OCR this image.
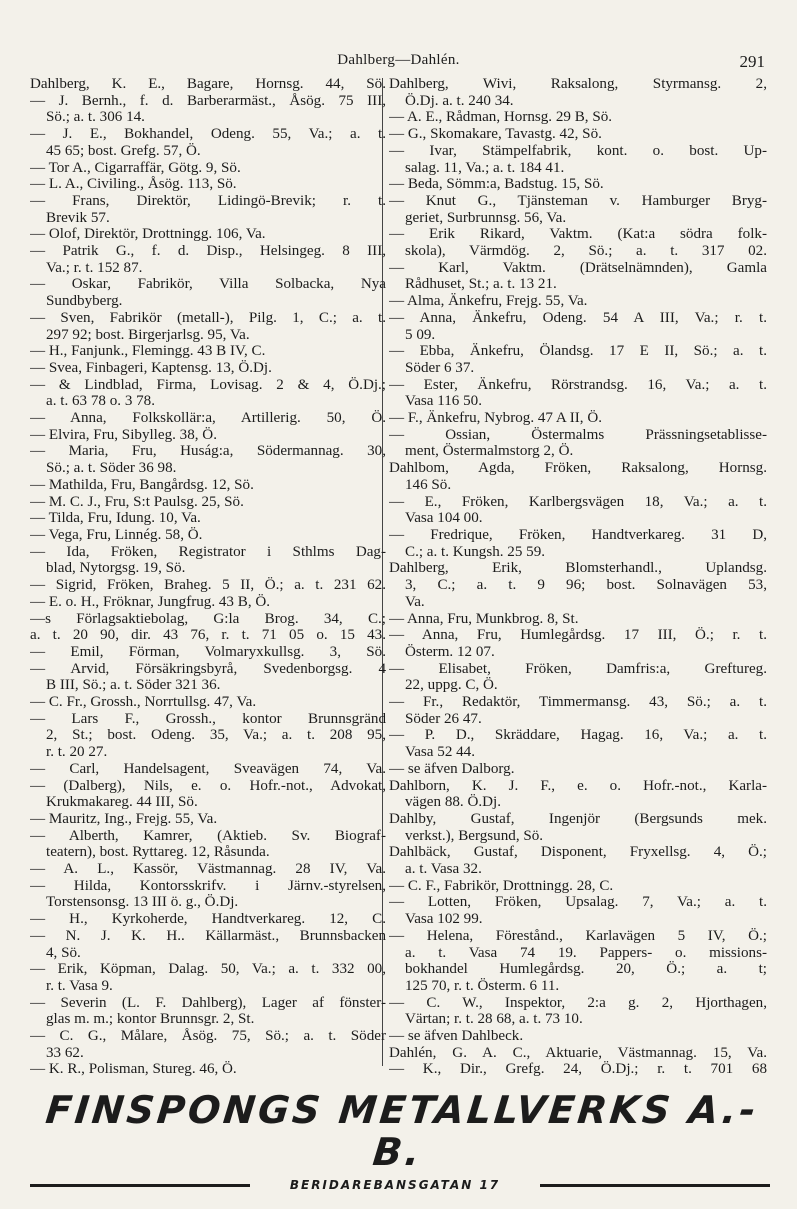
Dahlberg—Dahlén.	291
Dahlberg, K. E., Bagare, Hornsg. 44, Sö.
— J. Bernh., f. d. Barberarmäst., Åsög. 75 III,
Sö.; a. t. 306 14.
— J. E., Bokhandel, Odeng. 55, Va.; a. t.
45 65; bost. Grefg. 57, Ö.
— Tor A., Cigarraffär, Götg. 9, Sö.
— L. A., Civiling., Åsög. 113, Sö.
— Frans, Direktör, Lidingö-Brevik; r. t.
Brevik 57.
— Olof, Direktör, Drottningg. 106, Va.
— Patrik G., f. d. Disp., Helsingeg. 8 III,
Va.; r. t. 152 87.
— Oskar, Fabrikör, Villa Solbacka, Nya
Sundbyberg.
— Sven, Fabrikör (metall-), Pilg. 1, C.; a. t.
297 92; bost. Birgerjarlsg. 95, Va.
— H., Fanjunk., Flemingg. 43 B IV, C.
— Svea, Finbageri, Kaptensg. 13, Ö.Dj.
— & Lindblad, Firma, Lovisag. 2 & 4, Ö.Dj.;
a. t. 63 78 o. 3 78.
— Anna, Folkskollär:a, Artillerig. 50, Ö.
— Elvira, Fru, Sibylleg. 38, Ö.
— Maria, Fru, Huság:a, Södermannag. 30,
Sö.; a. t. Söder 36 98.
— Mathilda, Fru, Bangårdsg. 12, Sö.
— M. C. J., Fru, S:t Paulsg. 25, Sö.
— Tilda, Fru, Idung. 10, Va.
— Vega, Fru, Linnég. 58, Ö.
— Ida, Fröken, Registrator i Sthlms Dag-
blad, Nytorgsg. 19, Sö.
— Sigrid, Fröken, Braheg. 5 II, Ö.; a. t. 231 62.
— E. o. H., Fröknar, Jungfrug. 43 B, Ö.
—s Förlagsaktiebolag, G:la Brog. 34, C.;
a. t. 20 90, dir. 43 76, r. t. 71 05 o. 15 43.
— Emil, Förman, Volmaryxkullsg. 3, Sö.
— Arvid, Försäkringsbyrå, Svedenborgsg. 4
B III, Sö.; a. t. Söder 321 36.
— C. Fr., Grossh., Norrtullsg. 47, Va.
— Lars F., Grossh., kontor Brunnsgränd
2, St.; bost. Odeng. 35, Va.; a. t. 208 95,
r. t. 20 27.
— Carl, Handelsagent, Sveavägen 74, Va.
— (Dalberg), Nils, e. o. Hofr.-not., Advokat,
Krukmakareg. 44 III, Sö.
— Mauritz, Ing., Frejg. 55, Va.
— Alberth, Kamrer, (Aktieb. Sv. Biograf-
teatern), bost. Ryttareg. 12, Råsunda.
— A. L., Kassör, Västmannag. 28 IV, Va.
— Hilda, Kontorsskrifv. i Järnv.-styrelsen,
Torstensonsg. 13 III ö. g., Ö.Dj.
— H., Kyrkoherde, Handtverkareg. 12, C.
— N. J. K. H.. Källarmäst., Brunnsbacken
4, Sö.
— Erik, Köpman, Dalag. 50, Va.; a. t. 332 00,
r. t. Vasa 9.
— Severin (L. F. Dahlberg), Lager af fönster-
glas m. m.; kontor Brunnsgr. 2, St.
— C. G., Målare, Åsög. 75, Sö.; a. t. Söder
33 62.
— K. R., Polisman, Stureg. 46, Ö.
Dahlberg, Wivi, Raksalong, Styrmansg. 2,
Ö.Dj. a. t. 240 34.
— A. E., Rådman, Hornsg. 29 B, Sö.
— G., Skomakare, Tavastg. 42, Sö.
— Ivar, Stämpelfabrik, kont. o. bost. Up-
salag. 11, Va.; a. t. 184 41.
— Beda, Sömm:a, Badstug. 15, Sö.
— Knut G., Tjänsteman v. Hamburger Bryg-
geriet, Surbrunnsg. 56, Va.
— Erik Rikard, Vaktm. (Kat:a södra folk-
skola), Värmdög. 2, Sö.; a. t. 317 02.
— Karl, Vaktm. (Drätselnämnden), Gamla
Rådhuset, St.; a. t. 13 21.
— Alma, Änkefru, Frejg. 55, Va.
— Anna, Änkefru, Odeng. 54 A III, Va.; r. t.
5 09.
— Ebba, Änkefru, Ölandsg. 17 E II, Sö.; a. t.
Söder 6 37.
— Ester, Änkefru, Rörstrandsg. 16, Va.; a. t.
Vasa 116 50.
— F., Änkefru, Nybrog. 47 A II, Ö.
— Ossian, Östermalms Prässningsetablisse-
ment, Östermalmstorg 2, Ö.
Dahlbom, Agda, Fröken, Raksalong, Hornsg.
146 Sö.
— E., Fröken, Karlbergsvägen 18, Va.; a. t.
Vasa 104 00.
— Fredrique, Fröken, Handtverkareg. 31 D,
C.; a. t. Kungsh. 25 59.
Dahlberg, Erik, Blomsterhandl., Uplandsg.
3, C.; a. t. 9 96; bost. Solnavägen 53,
Va.
— Anna, Fru, Munkbrog. 8, St.
— Anna, Fru, Humlegårdsg. 17 III, Ö.; r. t.
Österm. 12 07.
— Elisabet, Fröken, Damfris:a, Greftureg.
22, uppg. C, Ö.
— Fr., Redaktör, Timmermansg. 43, Sö.; a. t.
Söder 26 47.
— P. D., Skräddare, Hagag. 16, Va.; a. t.
Vasa 52 44.
— se äfven Dalborg.
Dahlborn, K. J. F., e. o. Hofr.-not., Karla-
vägen 88. Ö.Dj.
Dahlby, Gustaf, Ingenjör (Bergsunds mek.
verkst.), Bergsund, Sö.
Dahlbäck, Gustaf, Disponent, Fryxellsg. 4, Ö.;
a. t. Vasa 32.
— C. F., Fabrikör, Drottningg. 28, C.
— Lotten, Fröken, Upsalag. 7, Va.; a. t.
Vasa 102 99.
— Helena, Förestånd., Karlavägen 5 IV, Ö.;
a. t. Vasa 74 19. Pappers- o. missions-
bokhandel Humlegårdsg. 20, Ö.; a. t;
125 70, r. t. Österm. 6 11.
— C. W., Inspektor, 2:a g. 2, Hjorthagen,
Värtan; r. t. 28 68, a. t. 73 10.
— se äfven Dahlbeck.
Dahlén, G. A. C., Aktuarie, Västmannag. 15, Va.
— K., Dir., Grefg. 24, Ö.Dj.; r. t. 701 68
FINSPONGS METALLVERKS A.-B.
BERIDAREBANSGATAN 17
